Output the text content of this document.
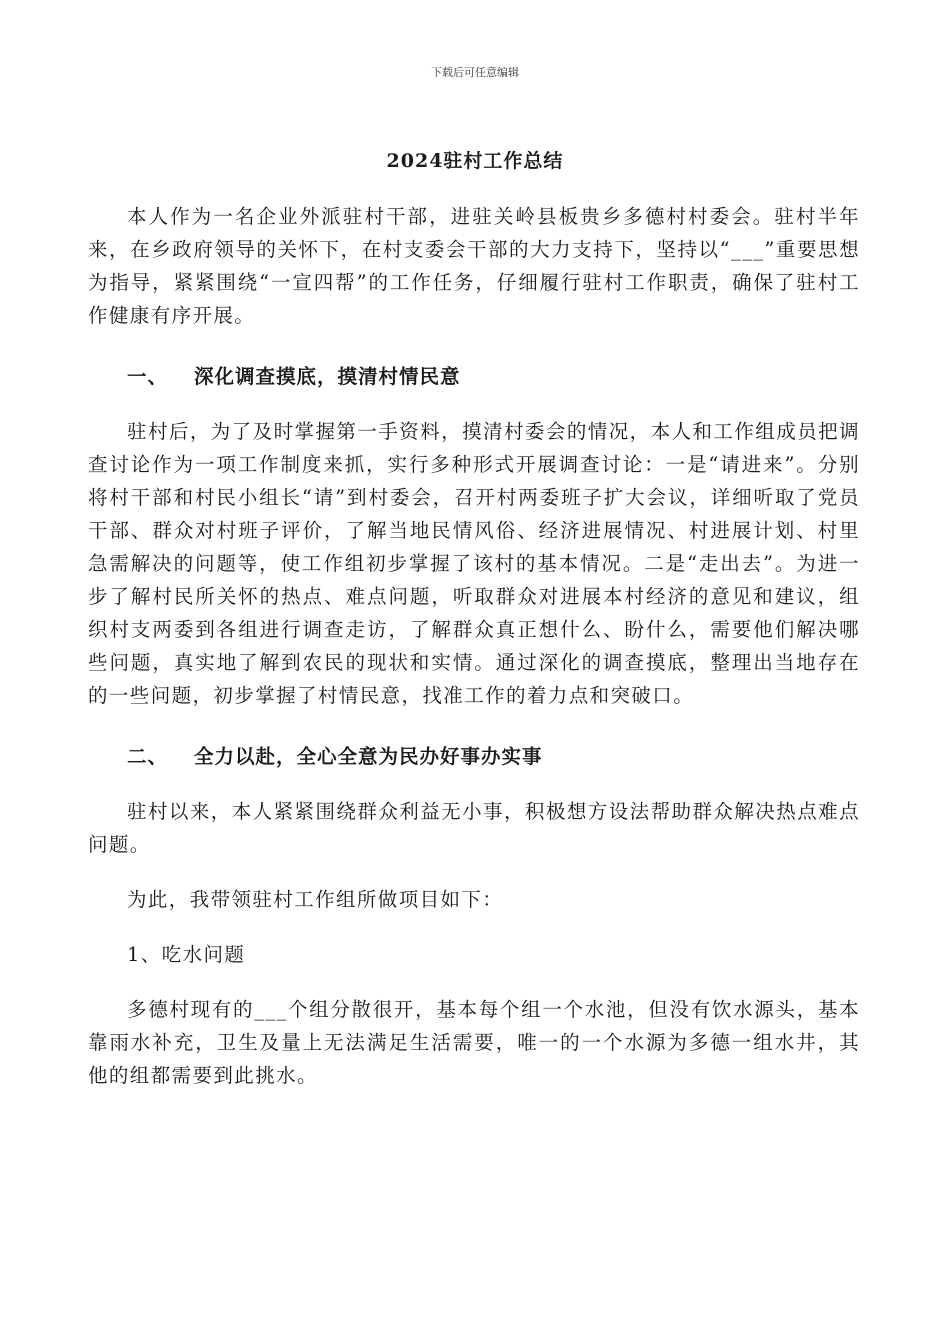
下载后可任意编辑
2024驻村工作总结

本人作为一名企业外派驻村干部，进驻关岭县板贵乡多德村村委会。驻村半年来，在乡政府领导的关怀下，在村支委会干部的大力支持下，坚持以“___”重要思想为指导，紧紧围绕“一宣四帮”的工作任务，仔细履行驻村工作职责，确保了驻村工作健康有序开展。

一、 深化调查摸底，摸清村情民意

驻村后，为了及时掌握第一手资料，摸清村委会的情况，本人和工作组成员把调查讨论作为一项工作制度来抓，实行多种形式开展调查讨论：一是“请进来”。分别将村干部和村民小组长“请”到村委会，召开村两委班子扩大会议，详细听取了党员干部、群众对村班子评价，了解当地民情风俗、经济进展情况、村进展计划、村里急需解决的问题等，使工作组初步掌握了该村的基本情况。二是“走出去”。为进一步了解村民所关怀的热点、难点问题，听取群众对进展本村经济的意见和建议，组织村支两委到各组进行调查走访，了解群众真正想什么、盼什么，需要他们解决哪些问题，真实地了解到农民的现状和实情。通过深化的调查摸底，整理出当地存在的一些问题，初步掌握了村情民意，找准工作的着力点和突破口。

二、 全力以赴，全心全意为民办好事办实事

驻村以来，本人紧紧围绕群众利益无小事，积极想方设法帮助群众解决热点难点问题。

为此，我带领驻村工作组所做项目如下：

1、吃水问题

多德村现有的___个组分散很开，基本每个组一个水池，但没有饮水源头，基本靠雨水补充，卫生及量上无法满足生活需要，唯一的一个水源为多德一组水井，其他的组都需要到此挑水。
